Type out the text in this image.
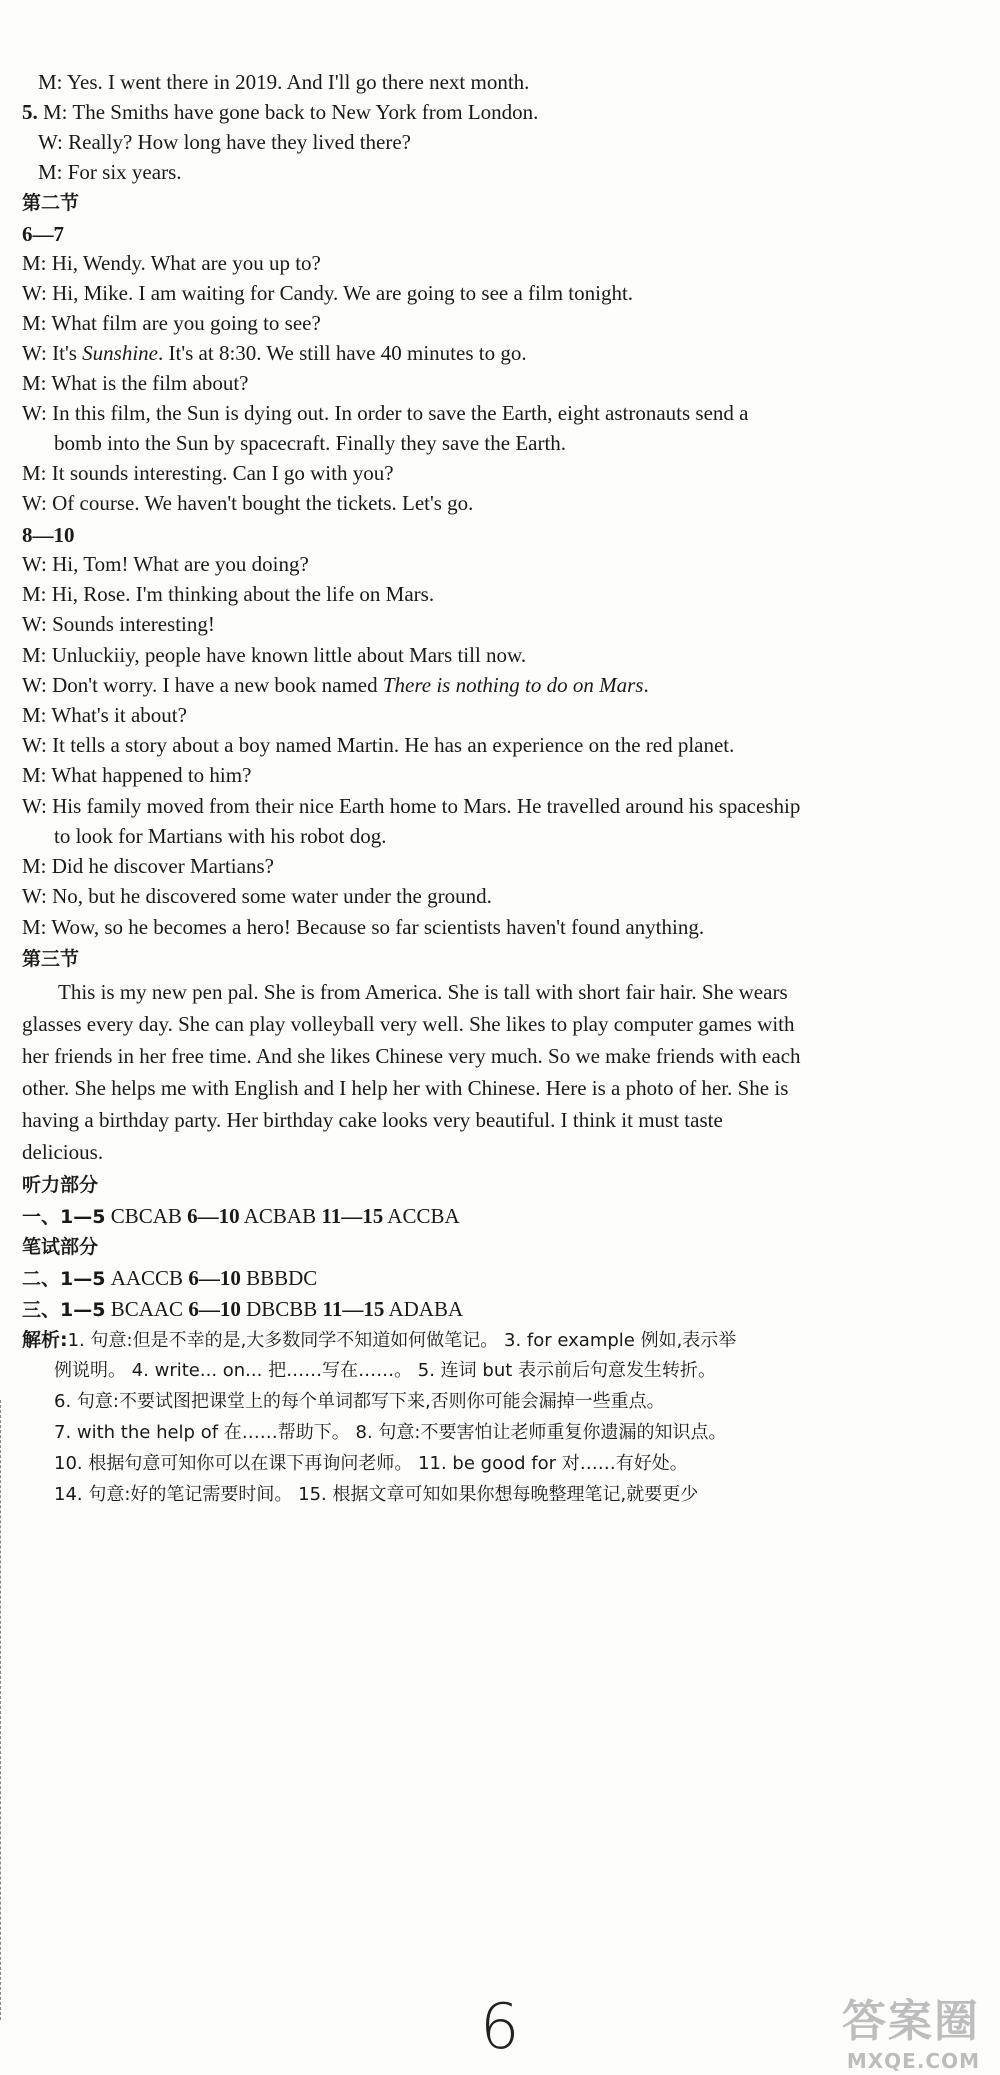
M: Yes. I went there in 2019. And I'll go there next month.
5. M: The Smiths have gone back to New York from London.
W: Really? How long have they lived there?
M: For six years.
第二节
6—7
M: Hi, Wendy. What are you up to?
W: Hi, Mike. I am waiting for Candy. We are going to see a film tonight.
M: What film are you going to see?
W: It's Sunshine. It's at 8:30. We still have 40 minutes to go.
M: What is the film about?
W: In this film, the Sun is dying out. In order to save the Earth, eight astronauts send a
bomb into the Sun by spacecraft. Finally they save the Earth.
M: It sounds interesting. Can I go with you?
W: Of course. We haven't bought the tickets. Let's go.
8—10
W: Hi, Tom! What are you doing?
M: Hi, Rose. I'm thinking about the life on Mars.
W: Sounds interesting!
M: Unluckiiy, people have known little about Mars till now.
W: Don't worry. I have a new book named There is nothing to do on Mars.
M: What's it about?
W: It tells a story about a boy named Martin. He has an experience on the red planet.
M: What happened to him?
W: His family moved from their nice Earth home to Mars. He travelled around his spaceship
to look for Martians with his robot dog.
M: Did he discover Martians?
W: No, but he discovered some water under the ground.
M: Wow, so he becomes a hero! Because so far scientists haven't found anything.
第三节
This is my new pen pal. She is from America. She is tall with short fair hair. She wears
glasses every day. She can play volleyball very well. She likes to play computer games with
her friends in her free time. And she likes Chinese very much. So we make friends with each
other. She helps me with English and I help her with Chinese. Here is a photo of her. She is
having a birthday party. Her birthday cake looks very beautiful. I think it must taste
delicious.
听力部分
一、1—5 CBCAB 6—10 ACBAB 11—15 ACCBA
笔试部分
二、1—5 AACCB 6—10 BBBDC
三、1—5 BCAAC 6—10 DBCBB 11—15 ADABA
解析:1. 句意:但是不幸的是,大多数同学不知道如何做笔记。 3. for example 例如,表示举
例说明。 4. write... on... 把……写在……。 5. 连词 but 表示前后句意发生转折。
6. 句意:不要试图把课堂上的每个单词都写下来,否则你可能会漏掉一些重点。
7. with the help of 在……帮助下。 8. 句意:不要害怕让老师重复你遗漏的知识点。
10. 根据句意可知你可以在课下再询问老师。 11. be good for 对……有好处。
14. 句意:好的笔记需要时间。 15. 根据文章可知如果你想每晚整理笔记,就要更少
6	答案圈
MXQE.COM
